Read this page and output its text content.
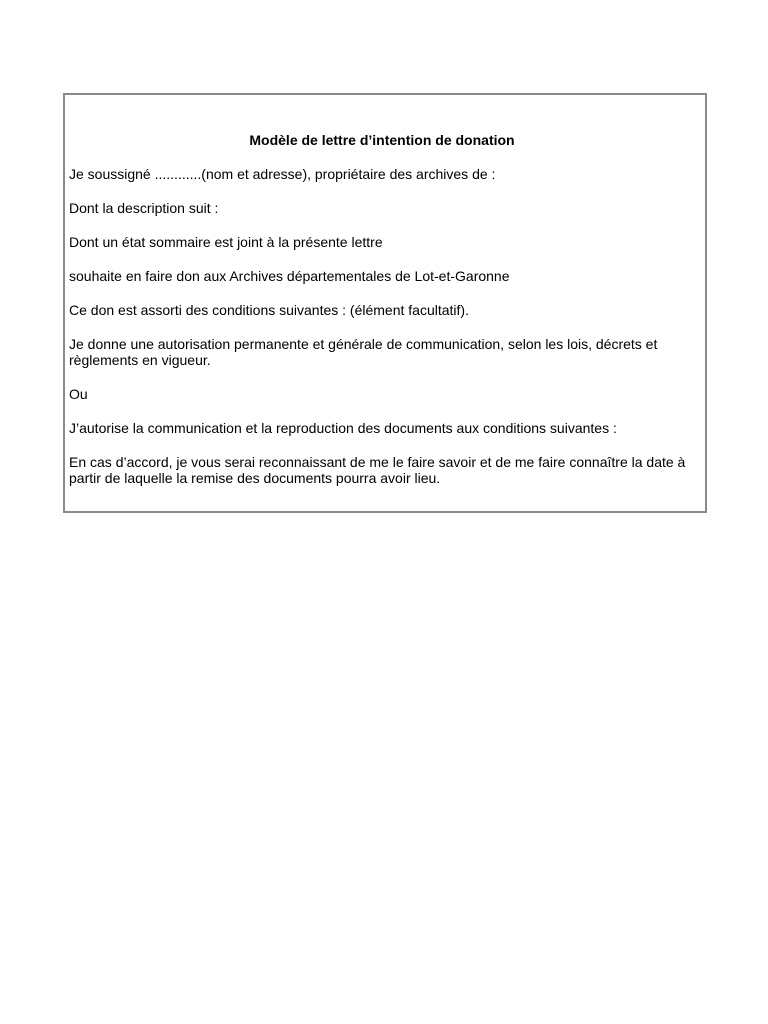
Modèle de lettre d’intention de donation

Je soussigné ............(nom et adresse), propriétaire des archives de :

Dont la description suit :

Dont un état sommaire est joint à la présente lettre

souhaite en faire don aux Archives départementales de Lot-et-Garonne

Ce don est assorti des conditions suivantes : (élément facultatif).

Je donne une autorisation permanente et générale de communication, selon les lois, décrets et règlements en vigueur.

Ou

J’autorise la communication et la reproduction des documents aux conditions suivantes :

En cas d’accord, je vous serai reconnaissant de me le faire savoir et de me faire connaître la date à partir de laquelle la remise des documents pourra avoir lieu.
